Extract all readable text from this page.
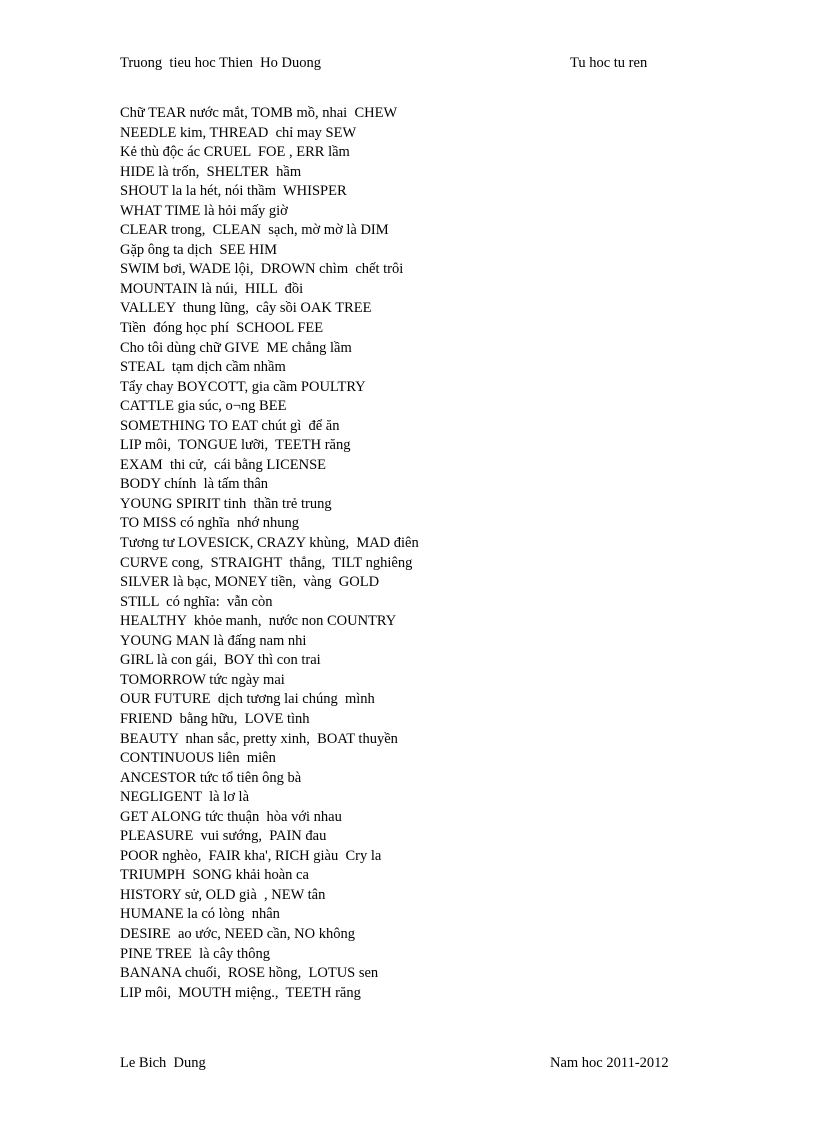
Truong  tieu hoc Thien  Ho Duong	Tu hoc tu ren
Chữ TEAR nước mắt, TOMB mồ, nhai  CHEW
NEEDLE kim, THREAD  chỉ may SEW
Kẻ thù độc ác CRUEL  FOE , ERR lầm
HIDE là trốn,  SHELTER  hầm
SHOUT la la hét, nói thầm  WHISPER
WHAT TIME là hỏi mấy giờ
CLEAR trong,  CLEAN  sạch, mờ mờ là DIM
Gặp ông ta dịch  SEE HIM
SWIM bơi, WADE lội,  DROWN chìm  chết trôi
MOUNTAIN là núi,  HILL  đồi
VALLEY  thung lũng,  cây sồi OAK TREE
Tiền  đóng học phí  SCHOOL FEE
Cho tôi dùng chữ GIVE  ME chẳng lầm
STEAL  tạm dịch cầm nhầm
Tẩy chay BOYCOTT, gia cầm POULTRY
CATTLE gia súc, o¬ng BEE
SOMETHING TO EAT chút gì  để ăn
LIP môi,  TONGUE lưỡi,  TEETH răng
EXAM  thi cử,  cái bằng LICENSE
BODY chính  là tấm thân
YOUNG SPIRIT tinh  thần trẻ trung
TO MISS có nghĩa  nhớ nhung
Tương tư LOVESICK, CRAZY khùng,  MAD điên
CURVE cong,  STRAIGHT  thẳng,  TILT nghiêng
SILVER là bạc, MONEY tiền,  vàng  GOLD
STILL  có nghĩa:  vẫn còn
HEALTHY  khỏe manh,  nước non COUNTRY
YOUNG MAN là đấng nam nhi
GIRL là con gái,  BOY thì con trai
TOMORROW tức ngày mai
OUR FUTURE  dịch tương lai chúng  mình
FRIEND  bằng hữu,  LOVE tình
BEAUTY  nhan sắc, pretty xinh,  BOAT thuyền
CONTINUOUS liên  miên
ANCESTOR tức tổ tiên ông bà
NEGLIGENT  là lơ là
GET ALONG tức thuận  hòa với nhau
PLEASURE  vui sướng,  PAIN đau
POOR nghèo,  FAIR kha', RICH giàu  Cry la
TRIUMPH  SONG khải hoàn ca
HISTORY sử, OLD già  , NEW tân
HUMANE la có lòng  nhân
DESIRE  ao ước, NEED cần, NO không
PINE TREE  là cây thông
BANANA chuối,  ROSE hồng,  LOTUS sen
LIP môi,  MOUTH miệng.,  TEETH răng
Le Bich  Dung	Nam hoc 2011-2012
